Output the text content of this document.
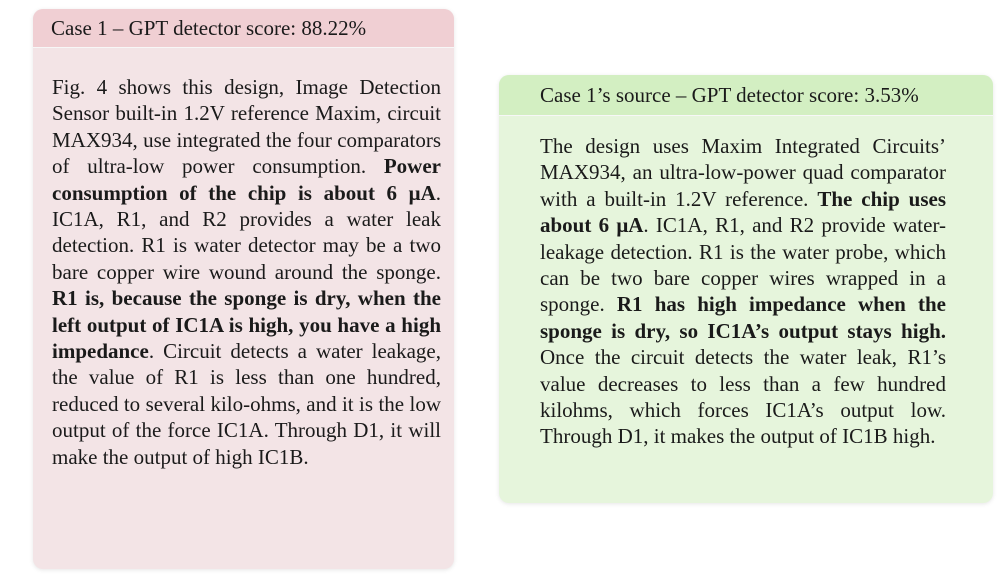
Case 1 – GPT detector score: 88.22%
Fig. 4 shows this design, Image Detection Sensor built-in 1.2V reference Maxim, circuit MAX934, use integrated the four comparators of ultra-low power consumption. Power consumption of the chip is about 6 μA. IC1A, R1, and R2 provides a water leak detection. R1 is water detector may be a two bare copper wire wound around the sponge. R1 is, because the sponge is dry, when the left output of IC1A is high, you have a high impedance. Circuit detects a water leakage, the value of R1 is less than one hundred, reduced to several kilo-ohms, and it is the low output of the force IC1A. Through D1, it will make the output of high IC1B.
Case 1’s source – GPT detector score: 3.53%
The design uses Maxim Integrated Circuits’ MAX934, an ultra-low-power quad comparator with a built-in 1.2V reference. The chip uses about 6 μA. IC1A, R1, and R2 provide water-leakage detection. R1 is the water probe, which can be two bare copper wires wrapped in a sponge. R1 has high impedance when the sponge is dry, so IC1A’s output stays high. Once the circuit detects the water leak, R1’s value decreases to less than a few hundred kilohms, which forces IC1A’s output low. Through D1, it makes the output of IC1B high.
